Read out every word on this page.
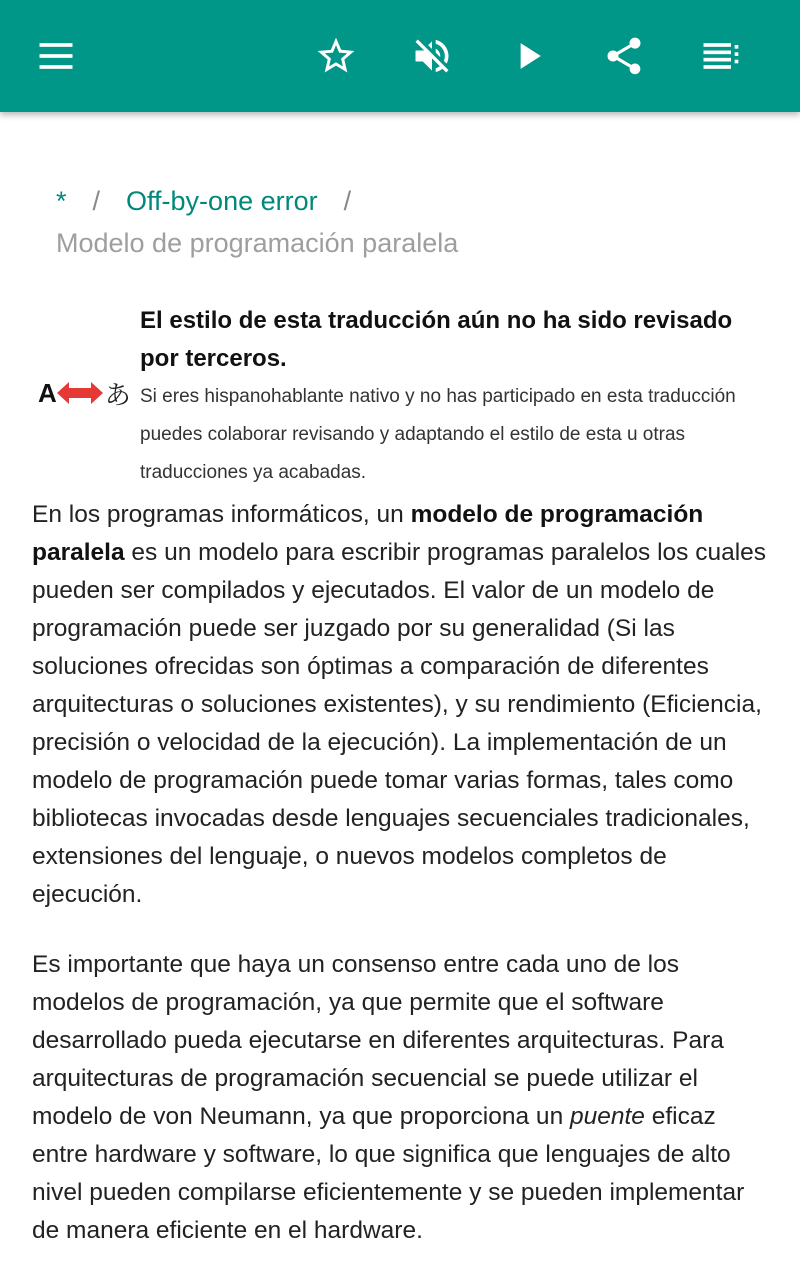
* / Off-by-one error /
Modelo de programación paralela
A あ
El estilo de esta traducción aún no ha sido revisado por terceros.
Si eres hispanohablante nativo y no has participado en esta traducción puedes colaborar revisando y adaptando el estilo de esta u otras traducciones ya acabadas.

En los programas informáticos, un modelo de programación paralela es un modelo para escribir programas paralelos los cuales pueden ser compilados y ejecutados. El valor de un modelo de programación puede ser juzgado por su generalidad (Si las soluciones ofrecidas son óptimas a comparación de diferentes arquitecturas o soluciones existentes), y su rendimiento (Eficiencia, precisión o velocidad de la ejecución). La implementación de un modelo de programación puede tomar varias formas, tales como bibliotecas invocadas desde lenguajes secuenciales tradicionales, extensiones del lenguaje, o nuevos modelos completos de ejecución.

Es importante que haya un consenso entre cada uno de los modelos de programación, ya que permite que el software desarrollado pueda ejecutarse en diferentes arquitecturas. Para arquitecturas de programación secuencial se puede utilizar el modelo de von Neumann, ya que proporciona un puente eficaz entre hardware y software, lo que significa que lenguajes de alto nivel pueden compilarse eficientemente y se pueden implementar de manera eficiente en el hardware.
